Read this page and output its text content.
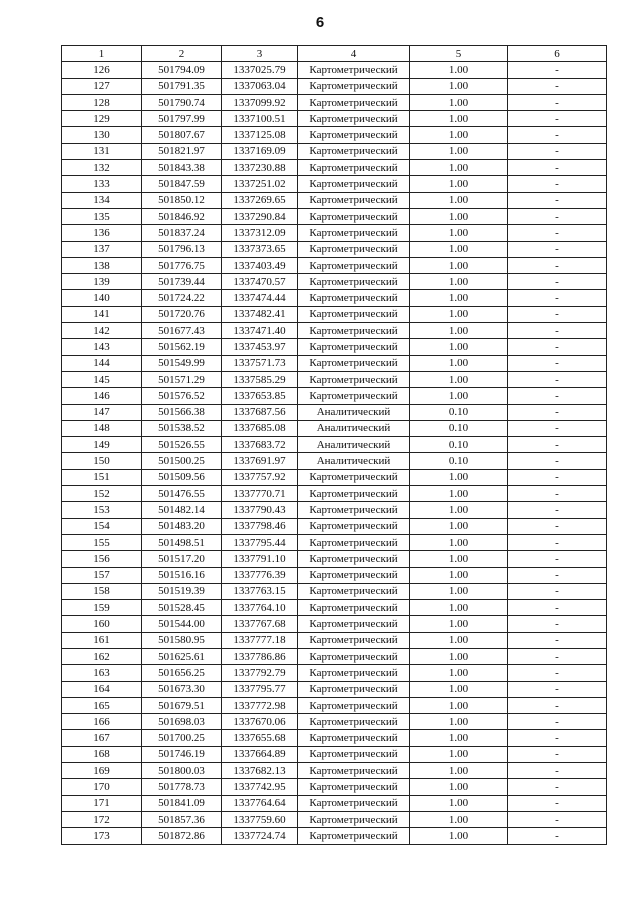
6
1	2	3	4	5	6
126	501794.09	1337025.79	Картометрический	1.00	-
127	501791.35	1337063.04	Картометрический	1.00	-
128	501790.74	1337099.92	Картометрический	1.00	-
129	501797.99	1337100.51	Картометрический	1.00	-
130	501807.67	1337125.08	Картометрический	1.00	-
131	501821.97	1337169.09	Картометрический	1.00	-
132	501843.38	1337230.88	Картометрический	1.00	-
133	501847.59	1337251.02	Картометрический	1.00	-
134	501850.12	1337269.65	Картометрический	1.00	-
135	501846.92	1337290.84	Картометрический	1.00	-
136	501837.24	1337312.09	Картометрический	1.00	-
137	501796.13	1337373.65	Картометрический	1.00	-
138	501776.75	1337403.49	Картометрический	1.00	-
139	501739.44	1337470.57	Картометрический	1.00	-
140	501724.22	1337474.44	Картометрический	1.00	-
141	501720.76	1337482.41	Картометрический	1.00	-
142	501677.43	1337471.40	Картометрический	1.00	-
143	501562.19	1337453.97	Картометрический	1.00	-
144	501549.99	1337571.73	Картометрический	1.00	-
145	501571.29	1337585.29	Картометрический	1.00	-
146	501576.52	1337653.85	Картометрический	1.00	-
147	501566.38	1337687.56	Аналитический	0.10	-
148	501538.52	1337685.08	Аналитический	0.10	-
149	501526.55	1337683.72	Аналитический	0.10	-
150	501500.25	1337691.97	Аналитический	0.10	-
151	501509.56	1337757.92	Картометрический	1.00	-
152	501476.55	1337770.71	Картометрический	1.00	-
153	501482.14	1337790.43	Картометрический	1.00	-
154	501483.20	1337798.46	Картометрический	1.00	-
155	501498.51	1337795.44	Картометрический	1.00	-
156	501517.20	1337791.10	Картометрический	1.00	-
157	501516.16	1337776.39	Картометрический	1.00	-
158	501519.39	1337763.15	Картометрический	1.00	-
159	501528.45	1337764.10	Картометрический	1.00	-
160	501544.00	1337767.68	Картометрический	1.00	-
161	501580.95	1337777.18	Картометрический	1.00	-
162	501625.61	1337786.86	Картометрический	1.00	-
163	501656.25	1337792.79	Картометрический	1.00	-
164	501673.30	1337795.77	Картометрический	1.00	-
165	501679.51	1337772.98	Картометрический	1.00	-
166	501698.03	1337670.06	Картометрический	1.00	-
167	501700.25	1337655.68	Картометрический	1.00	-
168	501746.19	1337664.89	Картометрический	1.00	-
169	501800.03	1337682.13	Картометрический	1.00	-
170	501778.73	1337742.95	Картометрический	1.00	-
171	501841.09	1337764.64	Картометрический	1.00	-
172	501857.36	1337759.60	Картометрический	1.00	-
173	501872.86	1337724.74	Картометрический	1.00	-
